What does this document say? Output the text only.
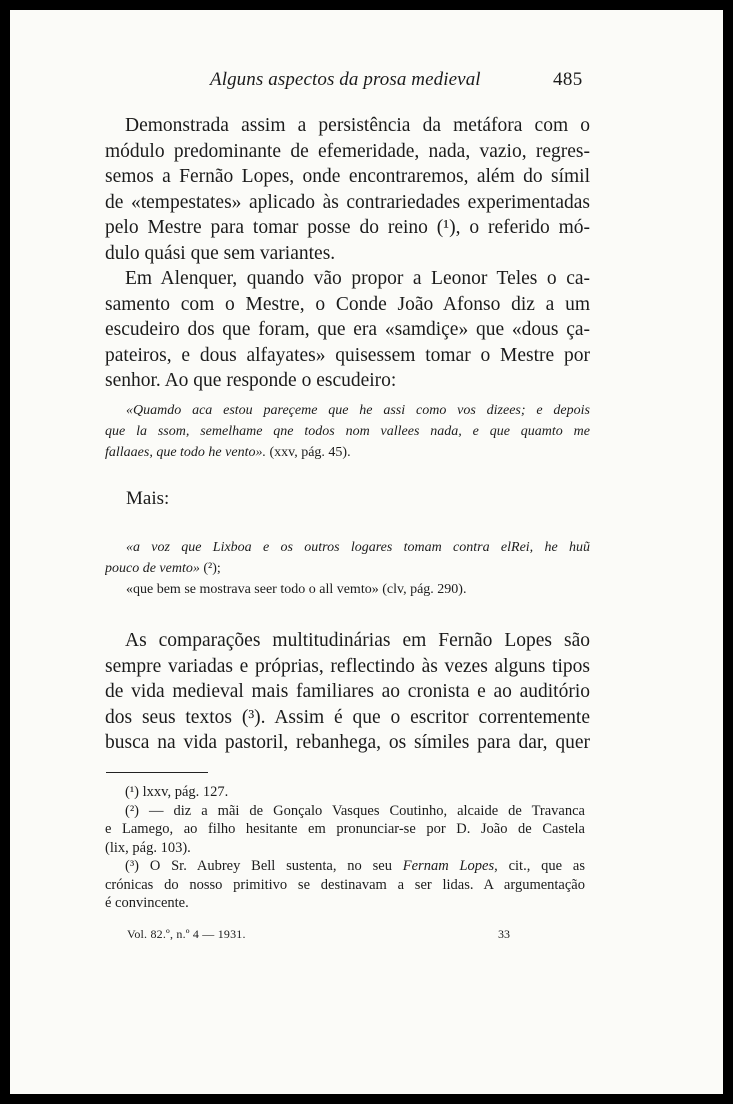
Alguns aspectos da prosa medieval	485
Demonstrada assim a persistência da metáfora com o
módulo predominante de efemeridade, nada, vazio, regres-
semos a Fernão Lopes, onde encontraremos, além do símil
de «tempestates» aplicado às contrariedades experimentadas
pelo Mestre para tomar posse do reino (¹), o referido mó-
dulo quási que sem variantes.
Em Alenquer, quando vão propor a Leonor Teles o ca-
samento com o Mestre, o Conde João Afonso diz a um
escudeiro dos que foram, que era «samdiçe» que «dous ça-
pateiros, e dous alfayates» quisessem tomar o Mestre por
senhor. Ao que responde o escudeiro:
«Quamdo aca estou pareçeme que he assi como vos dizees; e depois
que la ssom, semelhame qne todos nom vallees nada, e que quamto me
fallaaes, que todo he vento». (xxv, pág. 45).
Mais:
«a voz que Lixboa e os outros logares tomam contra elRei, he huũ
pouco de vemto» (²);
«que bem se mostrava seer todo o all vemto» (clv, pág. 290).
As comparações multitudinárias em Fernão Lopes são
sempre variadas e próprias, reflectindo às vezes alguns tipos
de vida medieval mais familiares ao cronista e ao auditório
dos seus textos (³). Assim é que o escritor correntemente
busca na vida pastoril, rebanhega, os símiles para dar, quer
(¹) lxxv, pág. 127.
(²) — diz a mãi de Gonçalo Vasques Coutinho, alcaide de Travanca
e Lamego, ao filho hesitante em pronunciar-se por D. João de Castela
(lix, pág. 103).
(³) O Sr. Aubrey Bell sustenta, no seu Fernam Lopes, cit., que as
crónicas do nosso primitivo se destinavam a ser lidas. A argumentação
é convincente.
Vol. 82.º, n.º 4 — 1931.	33
